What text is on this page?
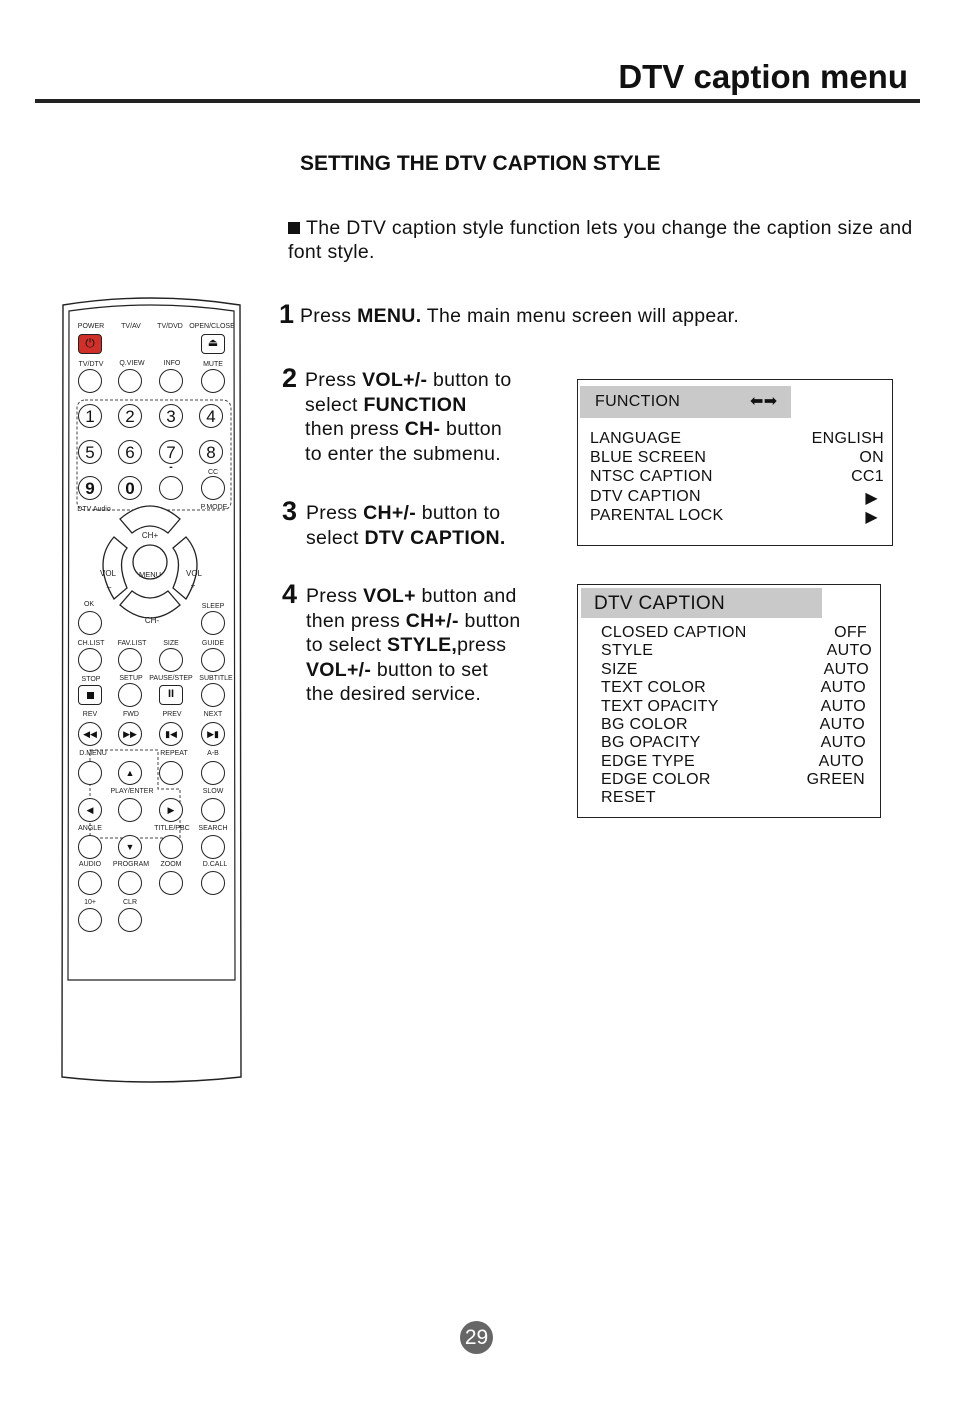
DTV caption menu
SETTING THE DTV CAPTION STYLE
The DTV caption style function lets you change the caption size and font style.
1 Press MENU. The main menu screen will appear.
2 Press VOL+/- button to
select FUNCTION
then press CH- button
to enter the submenu.
3 Press CH+/- button to
select DTV CAPTION.
4 Press VOL+ button and
then press CH+/- button
to select STYLE,press
VOL+/- button to set
the desired service.
FUNCTION	⬅➡
LANGUAGE	ENGLISH
BLUE SCREEN	ON
NTSC CAPTION	CC1
DTV CAPTION	▶
PARENTAL LOCK	▶
DTV CAPTION
CLOSED CAPTION	OFF
STYLE	AUTO
SIZE	AUTO
TEXT COLOR	AUTO
TEXT OPACITY	AUTO
BG COLOR	AUTO
BG OPACITY	AUTO
EDGE TYPE	AUTO
EDGE COLOR	GREEN
RESET
POWER TV/AV TV/DVD OPEN/CLOSE
⏻	⏏
TV/DTV Q.VIEW	INFO	MUTE
1	2	3	4
5	6	7	8
-	CC
9	0
DTV Audio	P.MODE
CH+
CH-
VOL
_
VOL
+
MENU
OK	SLEEP
CH.LIST FAV.LIST SIZE	GUIDE
STOP	SETUP PAUSE/STEP SUBTITLE
II
REV	FWD	PREV	NEXT
◀◀	▶▶	▮◀	▶▮
D.MENU	REPEAT	A-B
▲
PLAY/ENTER	SLOW
◀	▶
ANGLE	TITLE/PBC SEARCH
▼
AUDIO PROGRAM ZOOM	D.CALL
10+	CLR
29
